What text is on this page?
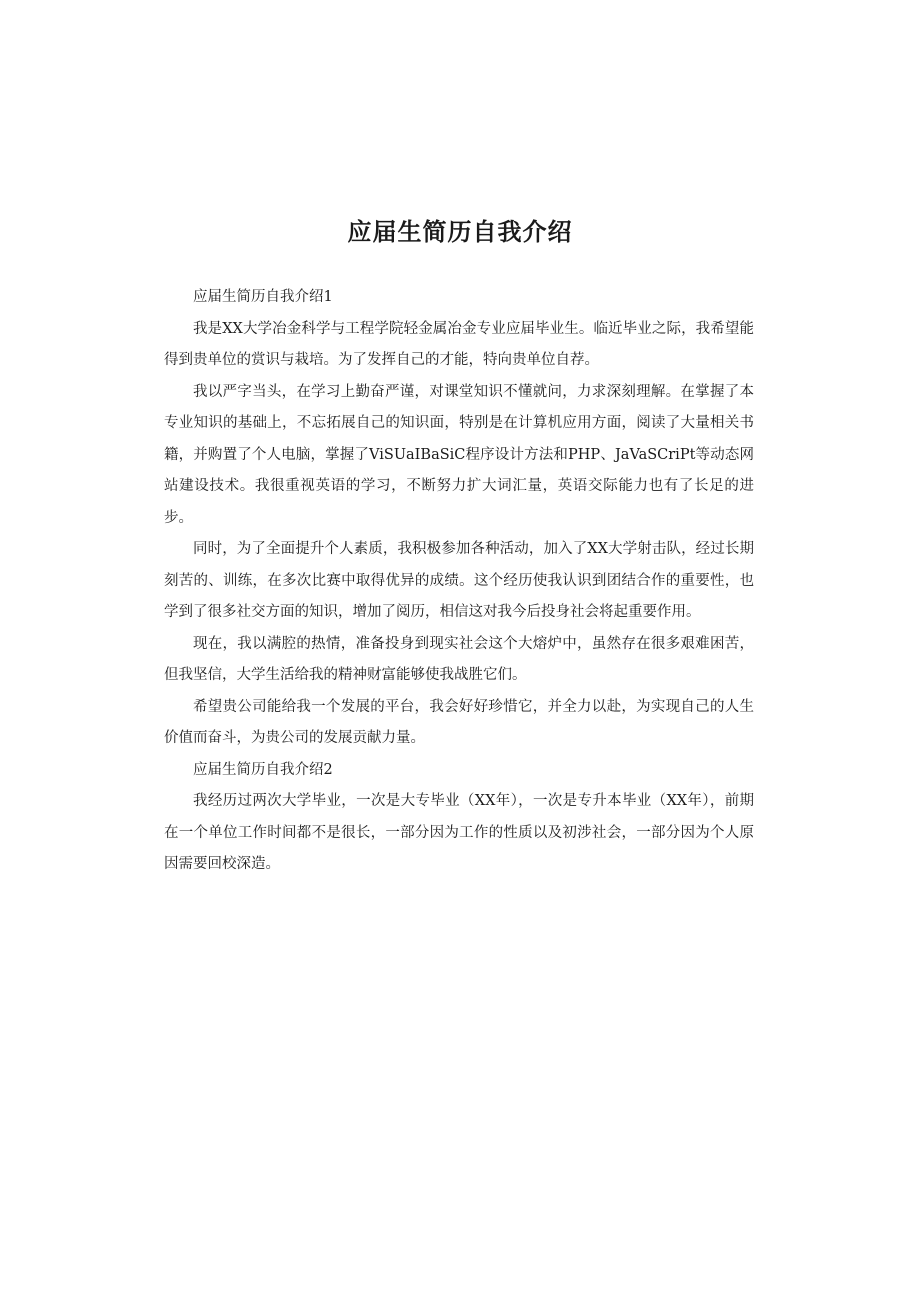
应届生简历自我介绍

应届生简历自我介绍1

我是XX大学冶金科学与工程学院轻金属冶金专业应届毕业生。临近毕业之际，我希望能得到贵单位的赏识与栽培。为了发挥自己的才能，特向贵单位自荐。

我以严字当头，在学习上勤奋严谨，对课堂知识不懂就问，力求深刻理解。在掌握了本专业知识的基础上，不忘拓展自己的知识面，特别是在计算机应用方面，阅读了大量相关书籍，并购置了个人电脑，掌握了ViSUaIBaSiC程序设计方法和PHP、JaVaSCriPt等动态网站建设技术。我很重视英语的学习，不断努力扩大词汇量，英语交际能力也有了长足的进步。

同时，为了全面提升个人素质，我积极参加各种活动，加入了XX大学射击队，经过长期刻苦的、训练，在多次比赛中取得优异的成绩。这个经历使我认识到团结合作的重要性，也学到了很多社交方面的知识，增加了阅历，相信这对我今后投身社会将起重要作用。

现在，我以满腔的热情，准备投身到现实社会这个大熔炉中，虽然存在很多艰难困苦，但我坚信，大学生活给我的精神财富能够使我战胜它们。

希望贵公司能给我一个发展的平台，我会好好珍惜它，并全力以赴，为实现自己的人生价值而奋斗，为贵公司的发展贡献力量。

应届生简历自我介绍2

我经历过两次大学毕业，一次是大专毕业（XX年），一次是专升本毕业（XX年），前期在一个单位工作时间都不是很长，一部分因为工作的性质以及初涉社会，一部分因为个人原因需要回校深造。
